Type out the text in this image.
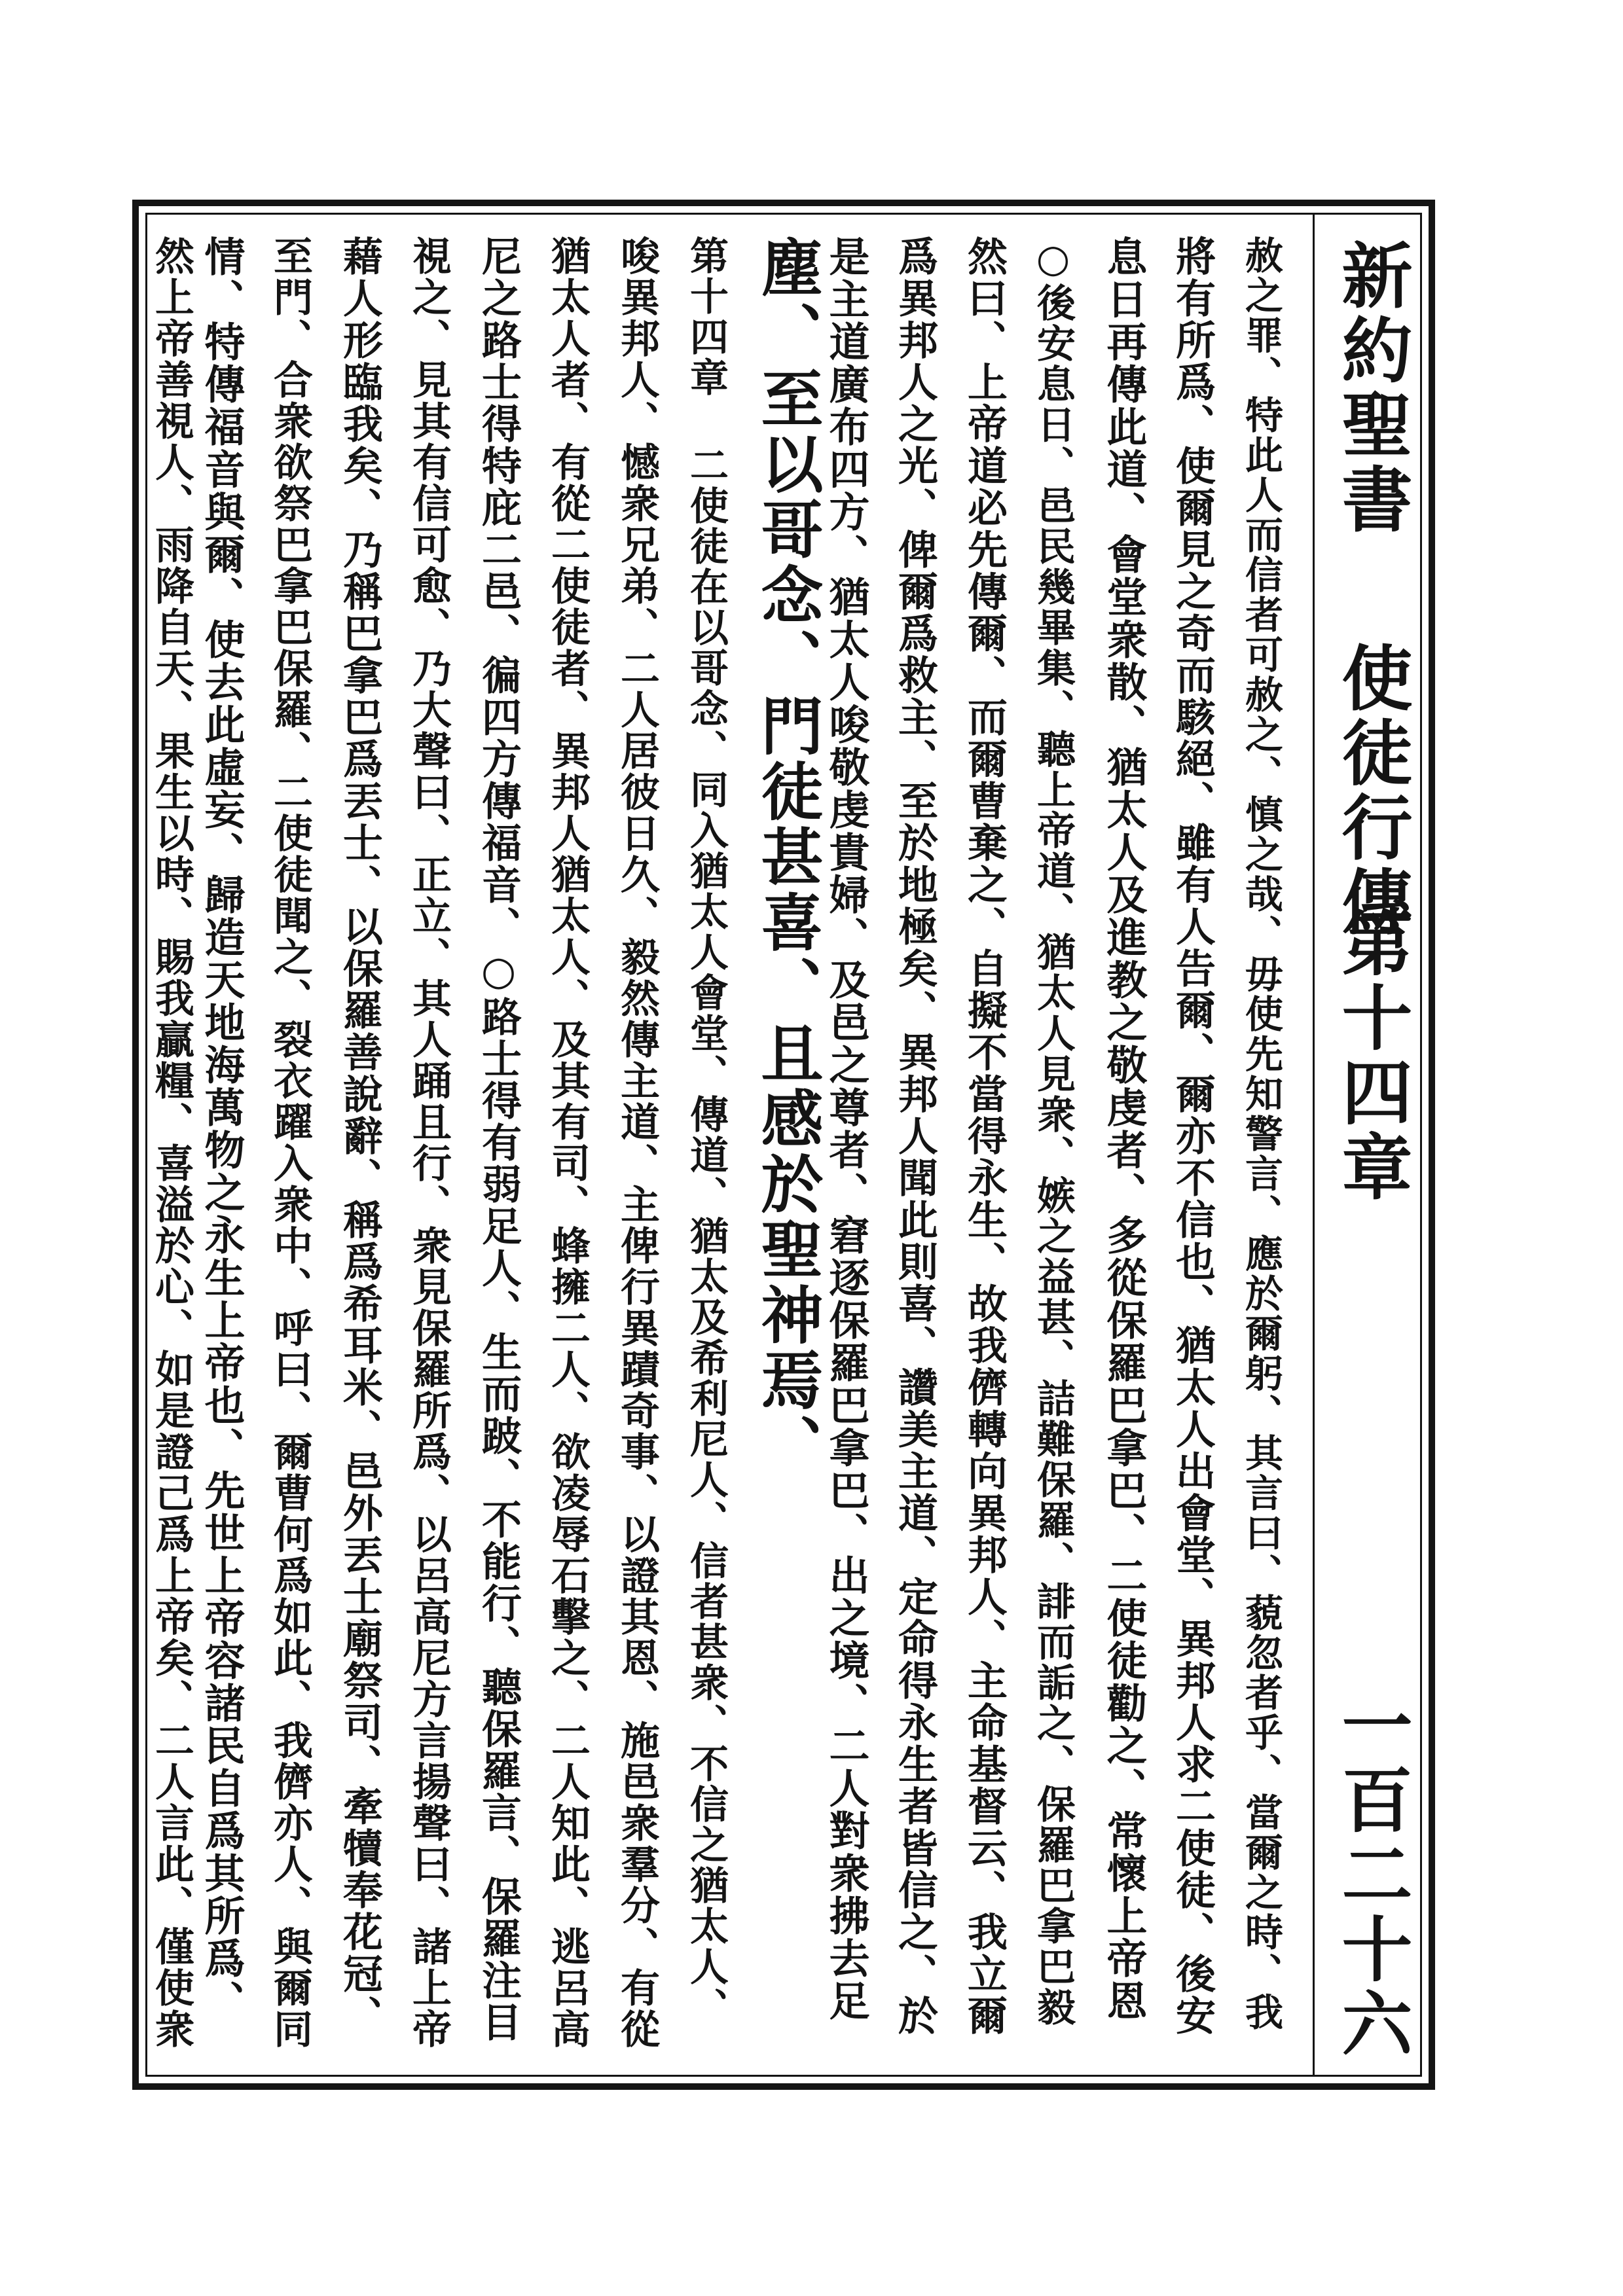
新約聖書
使徒行傳
第十四章
一百二十六
赦之罪、特此人而信者可赦之、慎之哉、毋使先知警言、應於爾躬、其言曰、藐忽者乎、當爾之時、我
將有所爲、使爾見之奇而駭絕、雖有人告爾、爾亦不信也、猶太人出會堂、異邦人求二使徒、後安
息日再傳此道、會堂衆散、猶太人及進教之敬虔者、多從保羅巴拿巴、二使徒勸之、常懷上帝恩
○後安息日、邑民幾畢集、聽上帝道、猶太人見衆、嫉之益甚、詰難保羅、誹而詬之、保羅巴拿巴毅
然曰、上帝道必先傳爾、而爾曹棄之、自擬不當得永生、故我儕轉向異邦人、主命基督云、我立爾
爲異邦人之光、俾爾爲救主、至於地極矣、異邦人聞此則喜、讚美主道、定命得永生者皆信之、於
是主道廣布四方、猶太人唆敬虔貴婦、及邑之尊者、窘逐保羅巴拿巴、出之境、二人對衆拂去足
塵、至以哥念、門徒甚喜、且感於聖神焉、
第十四章 二使徒在以哥念、同入猶太人會堂、傳道、猶太及希利尼人、信者甚衆、不信之猶太人、
唆異邦人、憾衆兄弟、二人居彼日久、毅然傳主道、主俾行異蹟奇事、以證其恩、施邑衆羣分、有從
猶太人者、有從二使徒者、異邦人猶太人、及其有司、蜂擁二人、欲凌辱石擊之、二人知此、逃呂高
尼之路士得特庇二邑、徧四方傳福音、○路士得有弱足人、生而跛、不能行、聽保羅言、保羅注目
視之、見其有信可愈、乃大聲曰、正立、其人踊且行、衆見保羅所爲、以呂高尼方言揚聲曰、諸上帝
藉人形臨我矣、乃稱巴拿巴爲丟士、以保羅善說辭、稱爲希耳米、邑外丟士廟祭司、牽犢奉花冠、
至門、合衆欲祭巴拿巴保羅、二使徒聞之、裂衣躍入衆中、呼曰、爾曹何爲如此、我儕亦人、與爾同
情、特傳福音與爾、使去此虛妄、歸造天地海萬物之永生上帝也、先世上帝容諸民自爲其所爲、
然上帝善視人、雨降自天、果生以時、賜我贏糧、喜溢於心、如是證己爲上帝矣、二人言此、僅使衆
